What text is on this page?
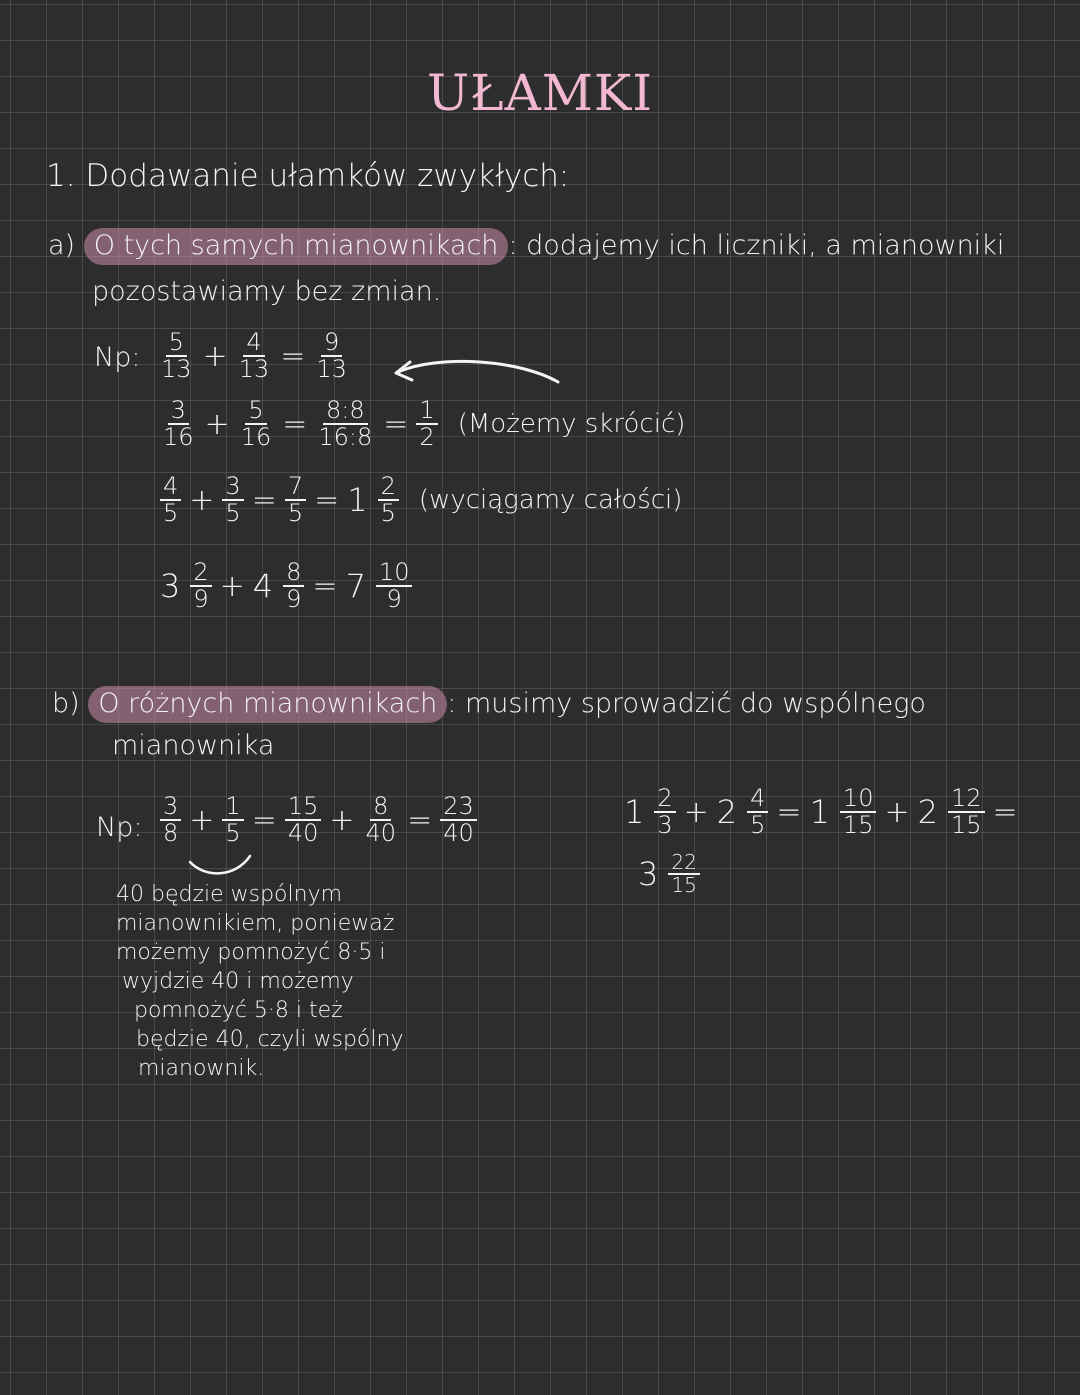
UŁAMKI
1. Dodawanie ułamków zwykłych:
a) O tych samych mianownikach : dodajemy ich liczniki, a mianowniki
pozostawiamy bez zmian.
Np: $\frac{5}{13} + \frac{4}{13} = \frac{9}{13}$
$\frac{3}{16} + \frac{5}{16} = \frac{8:8}{16:8} = \frac{1}{2}$ (Możemy skrócić)
$\frac{4}{5} + \frac{3}{5} = \frac{7}{5} = 1 \frac{2}{5}$ (wyciągamy całości)
$3 \frac{2}{9} + 4 \frac{8}{9} = 7 \frac{10}{9}$
b) O różnych mianownikach : musimy sprowadzić do wspólnego
mianownika
Np: $\frac{3}{8} + \frac{1}{5} = \frac{15}{40} + \frac{8}{40} = \frac{23}{40}$	$1 \frac{2}{3} + 2 \frac{4}{5} = 1 \frac{10}{15} + 2 \frac{12}{15}$ =
$3 \frac{22}{15}$
40 będzie wspólnym
mianownikiem, ponieważ
możemy pomnożyć 8·5 i
wyjdzie 40 i możemy
pomnożyć 5·8 i też
będzie 40, czyli wspólny
mianownik.
